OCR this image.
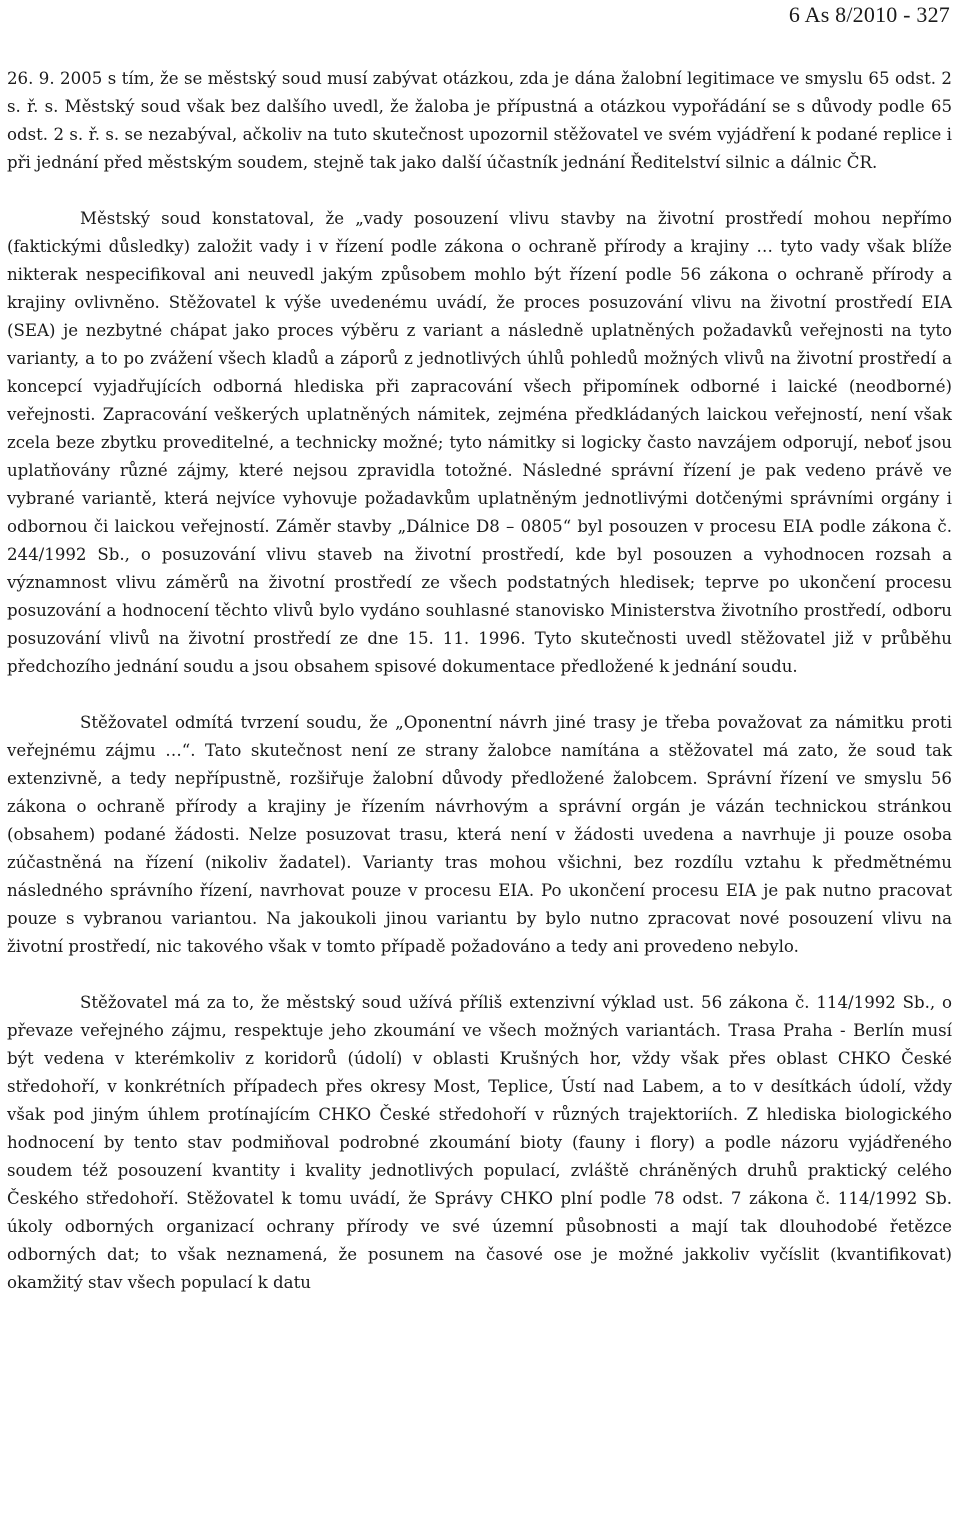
6 As 8/2010 - 327

26. 9. 2005 s tím, že se městský soud musí zabývat otázkou, zda je dána žalobní legitimace ve smyslu 65 odst. 2 s. ř. s. Městský soud však bez dalšího uvedl, že žaloba je přípustná a otázkou vypořádání se s důvody podle 65 odst. 2 s. ř. s. se nezabýval, ačkoliv na tuto skutečnost upozornil stěžovatel ve svém vyjádření k podané replice i při jednání před městským soudem, stejně tak jako další účastník jednání Ředitelství silnic a dálnic ČR.

Městský soud konstatoval, že „vady posouzení vlivu stavby na životní prostředí mohou nepřímo (faktickými důsledky) založit vady i v řízení podle zákona o ochraně přírody a krajiny … tyto vady však blíže nikterak nespecifikoval ani neuvedl jakým způsobem mohlo být řízení podle 56 zákona o ochraně přírody a krajiny ovlivněno. Stěžovatel k výše uvedenému uvádí, že proces posuzování vlivu na životní prostředí EIA (SEA) je nezbytné chápat jako proces výběru z variant a následně uplatněných požadavků veřejnosti na tyto varianty, a to po zvážení všech kladů a záporů z jednotlivých úhlů pohledů možných vlivů na životní prostředí a koncepcí vyjadřujících odborná hlediska při zapracování všech připomínek odborné i laické (neodborné) veřejnosti. Zapracování veškerých uplatněných námitek, zejména předkládaných laickou veřejností, není však zcela beze zbytku proveditelné, a technicky možné; tyto námitky si logicky často navzájem odporují, neboť jsou uplatňovány různé zájmy, které nejsou zpravidla totožné. Následné správní řízení je pak vedeno právě ve vybrané variantě, která nejvíce vyhovuje požadavkům uplatněným jednotlivými dotčenými správními orgány i odbornou či laickou veřejností. Záměr stavby „Dálnice D8 – 0805“ byl posouzen v procesu EIA podle zákona č. 244/1992 Sb., o posuzování vlivu staveb na životní prostředí, kde byl posouzen a vyhodnocen rozsah a významnost vlivu záměrů na životní prostředí ze všech podstatných hledisek; teprve po ukončení procesu posuzování a hodnocení těchto vlivů bylo vydáno souhlasné stanovisko Ministerstva životního prostředí, odboru posuzování vlivů na životní prostředí ze dne 15. 11. 1996. Tyto skutečnosti uvedl stěžovatel již v průběhu předchozího jednání soudu a jsou obsahem spisové dokumentace předložené k jednání soudu.

Stěžovatel odmítá tvrzení soudu, že „Oponentní návrh jiné trasy je třeba považovat za námitku proti veřejnému zájmu …“. Tato skutečnost není ze strany žalobce namítána a stěžovatel má zato, že soud tak extenzivně, a tedy nepřípustně, rozšiřuje žalobní důvody předložené žalobcem. Správní řízení ve smyslu 56 zákona o ochraně přírody a krajiny je řízením návrhovým a správní orgán je vázán technickou stránkou (obsahem) podané žádosti. Nelze posuzovat trasu, která není v žádosti uvedena a navrhuje ji pouze osoba zúčastněná na řízení (nikoliv žadatel). Varianty tras mohou všichni, bez rozdílu vztahu k předmětnému následného správního řízení, navrhovat pouze v procesu EIA. Po ukončení procesu EIA je pak nutno pracovat pouze s vybranou variantou. Na jakoukoli jinou variantu by bylo nutno zpracovat nové posouzení vlivu na životní prostředí, nic takového však v tomto případě požadováno a tedy ani provedeno nebylo.

Stěžovatel má za to, že městský soud užívá příliš extenzivní výklad ust. 56 zákona č. 114/1992 Sb., o převaze veřejného zájmu, respektuje jeho zkoumání ve všech možných variantách. Trasa Praha - Berlín musí být vedena v kterémkoliv z koridorů (údolí) v oblasti Krušných hor, vždy však přes oblast CHKO České středohoří, v konkrétních případech přes okresy Most, Teplice, Ústí nad Labem, a to v desítkách údolí, vždy však pod jiným úhlem protínajícím CHKO České středohoří v různých trajektoriích. Z hlediska biologického hodnocení by tento stav podmiňoval podrobné zkoumání bioty (fauny i flory) a podle názoru vyjádřeného soudem též posouzení kvantity i kvality jednotlivých populací, zvláště chráněných druhů praktický celého Českého středohoří. Stěžovatel k tomu uvádí, že Správy CHKO plní podle 78 odst. 7 zákona č. 114/1992 Sb. úkoly odborných organizací ochrany přírody ve své územní působnosti a mají tak dlouhodobé řetězce odborných dat; to však neznamená, že posunem na časové ose je možné jakkoliv vyčíslit (kvantifikovat) okamžitý stav všech populací k datu
